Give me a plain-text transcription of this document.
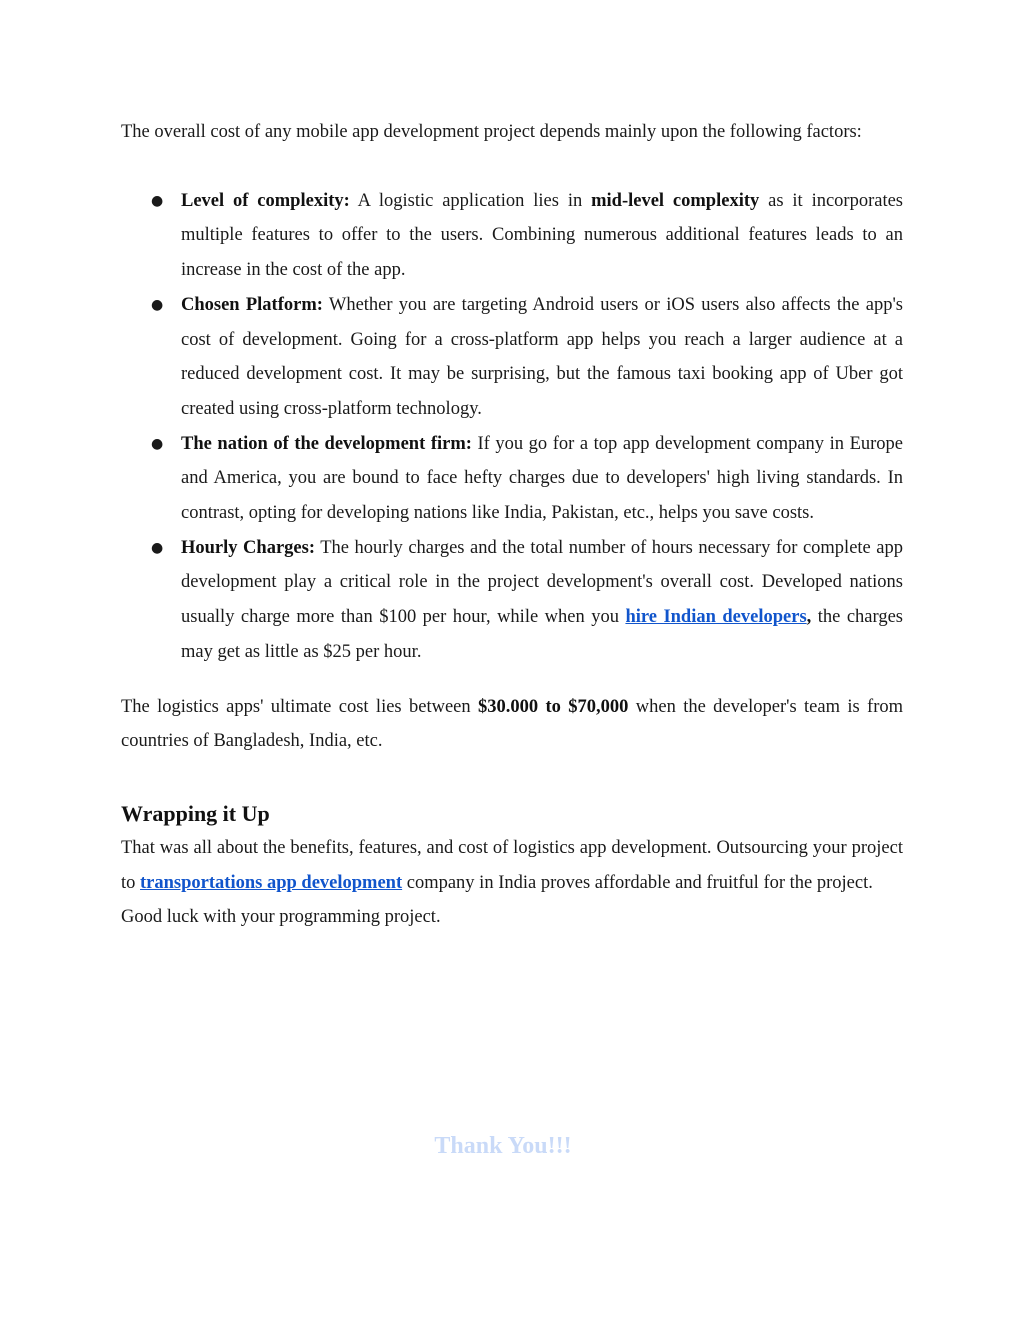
The overall cost of any mobile app development project depends mainly upon the following factors:

● Level of complexity: A logistic application lies in mid-level complexity as it incorporates multiple features to offer to the users. Combining numerous additional features leads to an increase in the cost of the app.
● Chosen Platform: Whether you are targeting Android users or iOS users also affects the app's cost of development. Going for a cross-platform app helps you reach a larger audience at a reduced development cost. It may be surprising, but the famous taxi booking app of Uber got created using cross-platform technology.
● The nation of the development firm: If you go for a top app development company in Europe and America, you are bound to face hefty charges due to developers' high living standards. In contrast, opting for developing nations like India, Pakistan, etc., helps you save costs.
● Hourly Charges: The hourly charges and the total number of hours necessary for complete app development play a critical role in the project development's overall cost. Developed nations usually charge more than $100 per hour, while when you hire Indian developers, the charges may get as little as $25 per hour.

The logistics apps' ultimate cost lies between $30.000 to $70,000 when the developer's team is from countries of Bangladesh, India, etc.

Wrapping it Up

That was all about the benefits, features, and cost of logistics app development. Outsourcing your project to transportations app development company in India proves affordable and fruitful for the project.

Good luck with your programming project.

Thank You!!!
